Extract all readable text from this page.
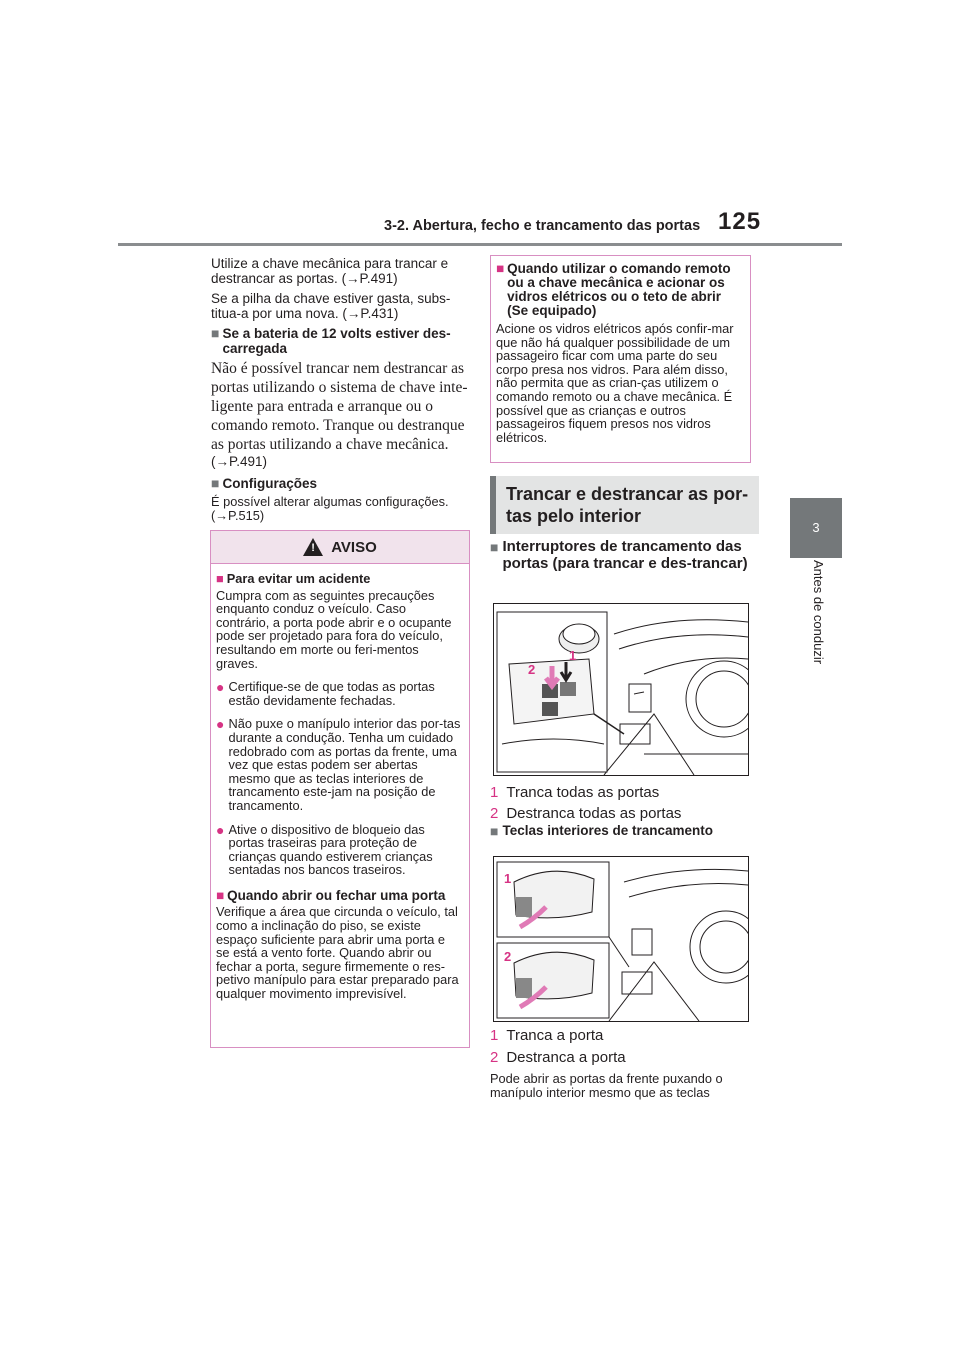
3-2. Abertura, fecho e trancamento das portas 125
3
Antes de conduzir

Utilize a chave mecânica para trancar e destrancar as portas. (→P.491)

Se a pilha da chave estiver gasta, subs-titua-a por uma nova. (→P.431)

■ Se a bateria de 12 volts estiver des-carregada

Não é possível trancar nem destrancar as portas utilizando o sistema de chave inte-ligente para entrada e arranque ou o comando remoto. Tranque ou destranque as portas utilizando a chave mecânica.

(→P.491)

■ Configurações

É possível alterar algumas configurações.

(→P.515)

!
AVISO
■ Para evitar um acidente

Cumpra com as seguintes precauções enquanto conduz o veículo. Caso contrário, a porta pode abrir e o ocupante pode ser projetado para fora do veículo, resultando em morte ou feri-mentos graves.

● Certifique-se de que todas as portas estão devidamente fechadas.
● Não puxe o manípulo interior das por-tas durante a condução. Tenha um cuidado redobrado com as portas da frente, uma vez que estas podem ser abertas mesmo que as teclas interiores de trancamento este-jam na posição de trancamento.
● Ative o dispositivo de bloqueio das portas traseiras para proteção de crianças quando estiverem crianças sentadas nos bancos traseiros.
■ Quando abrir ou fechar uma porta

Verifique a área que circunda o veículo, tal como a inclinação do piso, se existe espaço suficiente para abrir uma porta e se está a vento forte. Quando abrir ou fechar a porta, segure firmemente o res-petivo manípulo para estar preparado para qualquer movimento imprevisível.

■ Quando utilizar o comando remoto ou a chave mecânica e acionar os vidros elétricos ou o teto de abrir (Se equipado)

Acione os vidros elétricos após confir-mar que não há qualquer possibilidade de um passageiro ficar com uma parte do seu corpo presa nos vidros. Para além disso, não permita que as crian-ças utilizem o comando remoto ou a chave mecânica. É possível que as crianças e outros passageiros fiquem presos nos vidros elétricos.

Trancar e destrancar as por-tas pelo interior
■ Interruptores de trancamento das portas (para trancar e des-trancar)
2
1
1 Tranca todas as portas
2 Destranca todas as portas
■ Teclas interiores de trancamento
1
2
1 Tranca a porta
2 Destranca a porta

Pode abrir as portas da frente puxando o manípulo interior mesmo que as teclas
